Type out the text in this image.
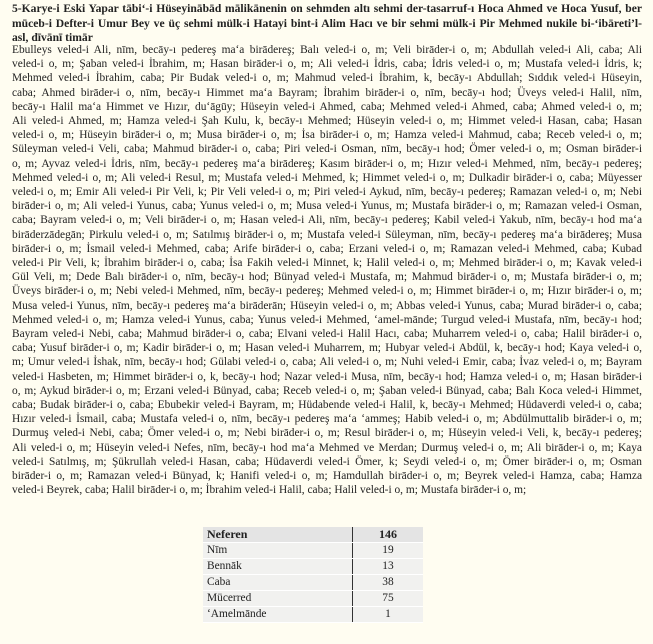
5-Karye-i Eski Yapar tābi‘-i Hüseyinābād mālikānenin on sehmden altı sehmi der-tasarruf-ı Hoca Ahmed ve Hoca Yusuf, ber
mūceb-i Defter-i Umur Bey ve üç sehmi mülk-i Hatayi bint-i Alim Hacı ve bir sehmi mülk-i Pir Mehmed nukile bi-‘ibāreti’l-
asl, dīvānī timār
Ebulleys veled-i Ali, nīm, becāy-ı pedereş ma‘a birādereş; Balı veled-i o, m; Veli birāder-i o, m; Abdullah veled-i Ali, caba; Ali
veled-i o, m; Şaban veled-i İbrahim, m; Hasan birāder-i o, m; Ali veled-i İdris, caba; İdris veled-i o, m; Mustafa veled-i İdris, k;
Mehmed veled-i İbrahim, caba; Pir Budak veled-i o, m; Mahmud veled-i İbrahim, k, becāy-ı Abdullah; Sıddık veled-i Hüseyin,
caba; Ahmed birāder-i o, nīm, becāy-ı Himmet ma‘a Bayram; İbrahim birāder-i o, nīm, becāy-ı hod; Üveys veled-i Halil, nīm,
becāy-ı Halil ma‘a Himmet ve Hızır, du‘āgūy; Hüseyin veled-i Ahmed, caba; Mehmed veled-i Ahmed, caba; Ahmed veled-i o, m;
Ali veled-i Ahmed, m; Hamza veled-i Şah Kulu, k, becāy-ı Mehmed; Hüseyin veled-i o, m; Himmet veled-i Hasan, caba; Hasan
veled-i o, m; Hüseyin birāder-i o, m; Musa birāder-i o, m; İsa birāder-i o, m; Hamza veled-i Mahmud, caba; Receb veled-i o, m;
Süleyman veled-i Veli, caba; Mahmud birāder-i o, caba; Piri veled-i Osman, nīm, becāy-ı hod; Ömer veled-i o, m; Osman birāder-i
o, m; Ayvaz veled-i İdris, nīm, becāy-ı pedereş ma‘a birādereş; Kasım birāder-i o, m; Hızır veled-i Mehmed, nīm, becāy-ı pedereş;
Mehmed veled-i o, m; Ali veled-i Resul, m; Mustafa veled-i Mehmed, k; Himmet veled-i o, m; Dulkadir birāder-i o, caba; Müyesser
veled-i o, m; Emir Ali veled-i Pir Veli, k; Pir Veli veled-i o, m; Piri veled-i Aykud, nīm, becāy-ı pedereş; Ramazan veled-i o, m; Nebi
birāder-i o, m; Ali veled-i Yunus, caba; Yunus veled-i o, m; Musa veled-i Yunus, m; Mustafa birāder-i o, m; Ramazan veled-i Osman,
caba; Bayram veled-i o, m; Veli birāder-i o, m; Hasan veled-i Ali, nīm, becāy-ı pedereş; Kabil veled-i Yakub, nīm, becāy-ı hod ma‘a
birāderzādegān; Pirkulu veled-i o, m; Satılmış birāder-i o, m; Mustafa veled-i Süleyman, nīm, becāy-ı pedereş ma‘a birādereş; Musa
birāder-i o, m; İsmail veled-i Mehmed, caba; Arife birāder-i o, caba; Erzani veled-i o, m; Ramazan veled-i Mehmed, caba; Kubad
veled-i Pir Veli, k; İbrahim birāder-i o, caba; İsa Fakih veled-i Minnet, k; Halil veled-i o, m; Mehmed birāder-i o, m; Kavak veled-i
Gül Veli, m; Dede Balı birāder-i o, nīm, becāy-ı hod; Bünyad veled-i Mustafa, m; Mahmud birāder-i o, m; Mustafa birāder-i o, m;
Üveys birāder-i o, m; Nebi veled-i Mehmed, nīm, becāy-ı pedereş; Mehmed veled-i o, m; Himmet birāder-i o, m; Hızır birāder-i o, m;
Musa veled-i Yunus, nīm, becāy-ı pedereş ma‘a birāderān; Hüseyin veled-i o, m; Abbas veled-i Yunus, caba; Murad birāder-i o, caba;
Mehmed veled-i o, m; Hamza veled-i Yunus, caba; Yunus veled-i Mehmed, ‘amel-mānde; Turgud veled-i Mustafa, nīm, becāy-ı hod;
Bayram veled-i Nebi, caba; Mahmud birāder-i o, caba; Elvani veled-i Halil Hacı, caba; Muharrem veled-i o, caba; Halil birāder-i o,
caba; Yusuf birāder-i o, m; Kadir birāder-i o, m; Hasan veled-i Muharrem, m; Hubyar veled-i Abdül, k, becāy-ı hod; Kaya veled-i o,
m; Umur veled-i İshak, nīm, becāy-ı hod; Gülabi veled-i o, caba; Ali veled-i o, m; Nuhi veled-i Emir, caba; İvaz veled-i o, m; Bayram
veled-i Hasbeten, m; Himmet birāder-i o, k, becāy-ı hod; Nazar veled-i Musa, nīm, becāy-ı hod; Hamza veled-i o, m; Hasan birāder-i
o, m; Aykud birāder-i o, m; Erzani veled-i Bünyad, caba; Receb veled-i o, m; Şaban veled-i Bünyad, caba; Balı Koca veled-i Himmet,
caba; Budak birāder-i o, caba; Ebubekir veled-i Bayram, m; Hüdabende veled-i Halil, k, becāy-ı Mehmed; Hüdaverdi veled-i o, caba;
Hızır veled-i İsmail, caba; Mustafa veled-i o, nīm, becāy-ı pedereş ma‘a ‘ammeş; Habib veled-i o, m; Abdülmuttalib birāder-i o, m;
Durmuş veled-i Nebi, caba; Ömer veled-i o, m; Nebi birāder-i o, m; Resul birāder-i o, m; Hüseyin veled-i Veli, k, becāy-ı pedereş;
Ali veled-i o, m; Hüseyin veled-i Nefes, nīm, becāy-ı hod ma‘a Mehmed ve Merdan; Durmuş veled-i o, m; Ali birāder-i o, m; Kaya
veled-i Satılmış, m; Şükrullah veled-i Hasan, caba; Hüdaverdi veled-i Ömer, k; Seydi veled-i o, m; Ömer birāder-i o, m; Osman
birāder-i o, m; Ramazan veled-i Bünyad, k; Hanifi veled-i o, m; Hamdullah birāder-i o, m; Beyrek veled-i Hamza, caba; Hamza
veled-i Beyrek, caba; Halil birāder-i o, m; İbrahim veled-i Halil, caba; Halil veled-i o, m; Mustafa birāder-i o, m;
Neferen	146
Nīm	19
Bennāk	13
Caba	38
Mücerred	75
‘Amelmānde	1
